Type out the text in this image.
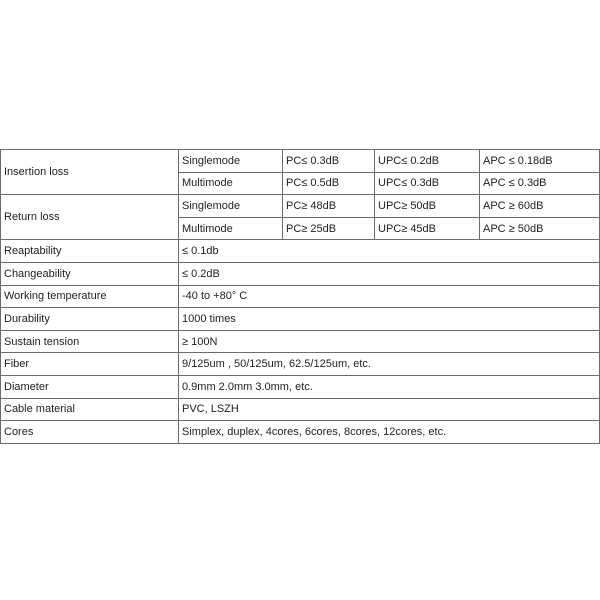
Insertion loss	Singlemode	PC≤ 0.3dB	UPC≤ 0.2dB	APC ≤ 0.18dB
	Multimode	PC≤ 0.5dB	UPC≤ 0.3dB	APC ≤ 0.3dB
Return loss	Singlemode	PC≥ 48dB	UPC≥ 50dB	APC ≥ 60dB
	Multimode	PC≥ 25dB	UPC≥ 45dB	APC ≥ 50dB
Reaptability	≤ 0.1db			
Changeability	≤ 0.2dB			
Working temperature	-40 to +80° C			
Durability	1000 times			
Sustain tension	≥ 100N			
Fiber	9/125um , 50/125um, 62.5/125um, etc.			
Diameter	0.9mm 2.0mm 3.0mm, etc.			
Cable material	PVC, LSZH			
Cores	Simplex, duplex, 4cores, 6cores, 8cores, 12cores, etc.			
